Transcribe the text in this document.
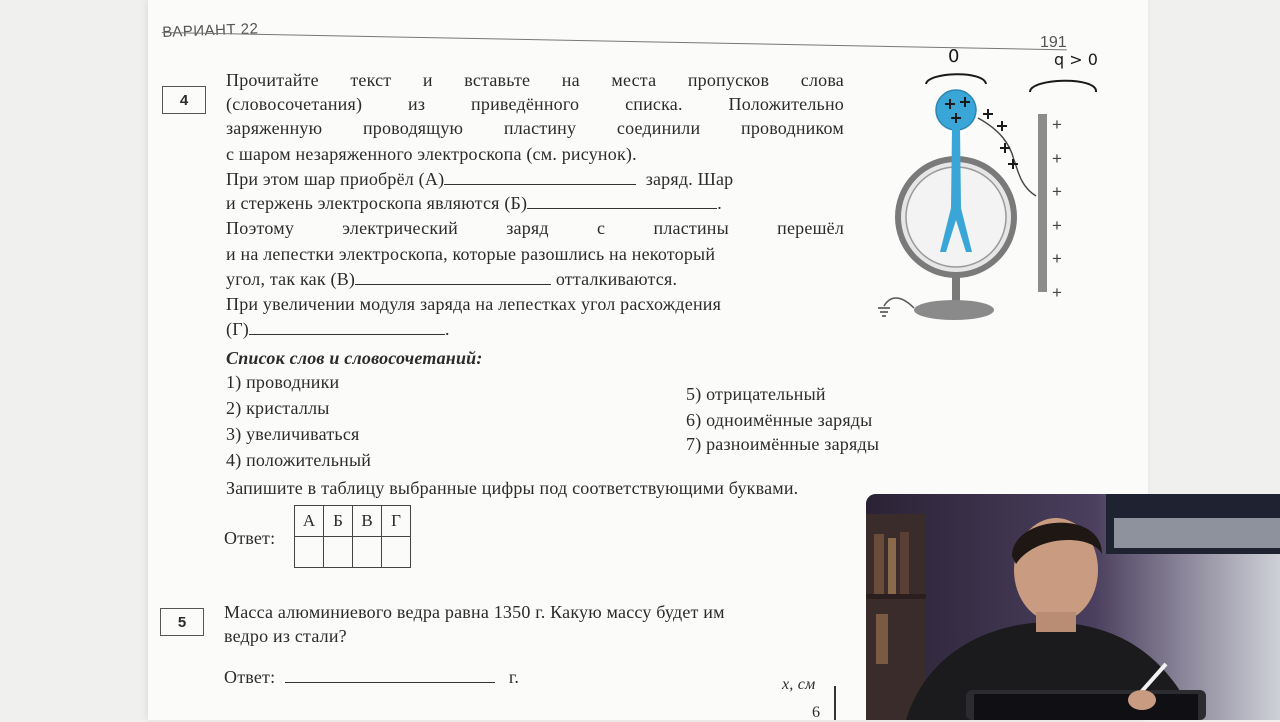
ВАРИАНТ 22
191
4
Прочитайте текст и вставьте на места пропусков слова
(словосочетания)	из	приведённого	списка.	Положительно
заряженную проводящую пластину соединили проводником
с шаром незаряженного электроскопа (см. рисунок).
При этом шар приобрёл (А)	заряд. Шар
и стержень электроскопа являются (Б)	.
Поэтому	электрический	заряд	с	пластины	перешёл
и на лепестки электроскопа, которые разошлись на некоторый
угол, так как (В)	отталкиваются.
При увеличении модуля заряда на лепестках угол расхождения
(Г)	.
Список слов и словосочетаний:
1) проводники
2) кристаллы
3) увеличиваться
4) положительный
5) отрицательный
6) одноимённые заряды
7) разноимённые заряды
Запишите в таблицу выбранные цифры под соответствующими буквами.
Ответ:
А	Б	В	Г

5	Масса алюминиевого ведра равна 1350 г. Какую массу будет им
ведро из стали?
Ответ:	г.	x, см
6
0	q > 0
+
+
+
+
+
+
